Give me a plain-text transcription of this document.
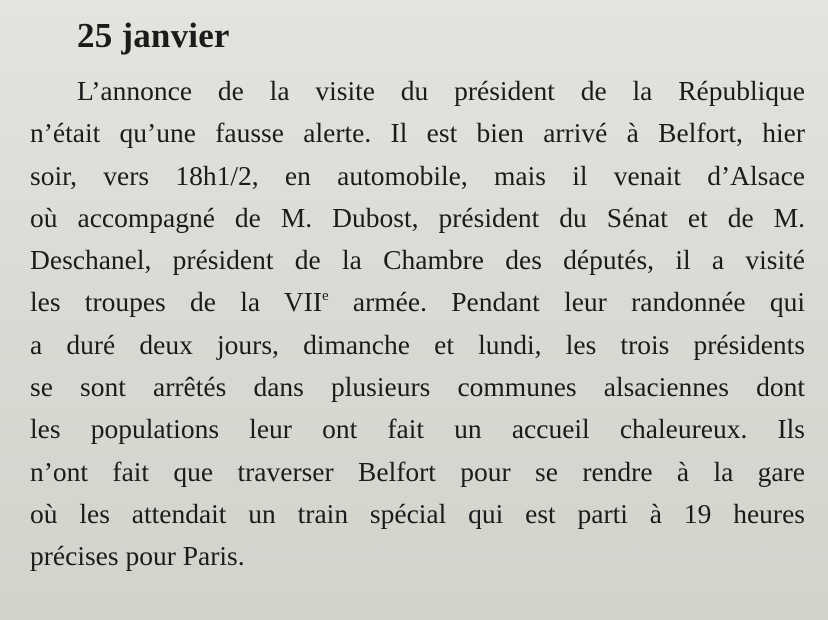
25 janvier
L’annonce de la visite du président de la République
n’était qu’une fausse alerte. Il est bien arrivé à Belfort, hier
soir, vers 18h1/2, en automobile, mais il venait d’Alsace
où accompagné de M. Dubost, président du Sénat et de M.
Deschanel, président de la Chambre des députés, il a visité
les troupes de la VIIe armée. Pendant leur randonnée qui
a duré deux jours, dimanche et lundi, les trois présidents
se sont arrêtés dans plusieurs communes alsaciennes dont
les populations leur ont fait un accueil chaleureux. Ils
n’ont fait que traverser Belfort pour se rendre à la gare
où les attendait un train spécial qui est parti à 19 heures
précises pour Paris.
